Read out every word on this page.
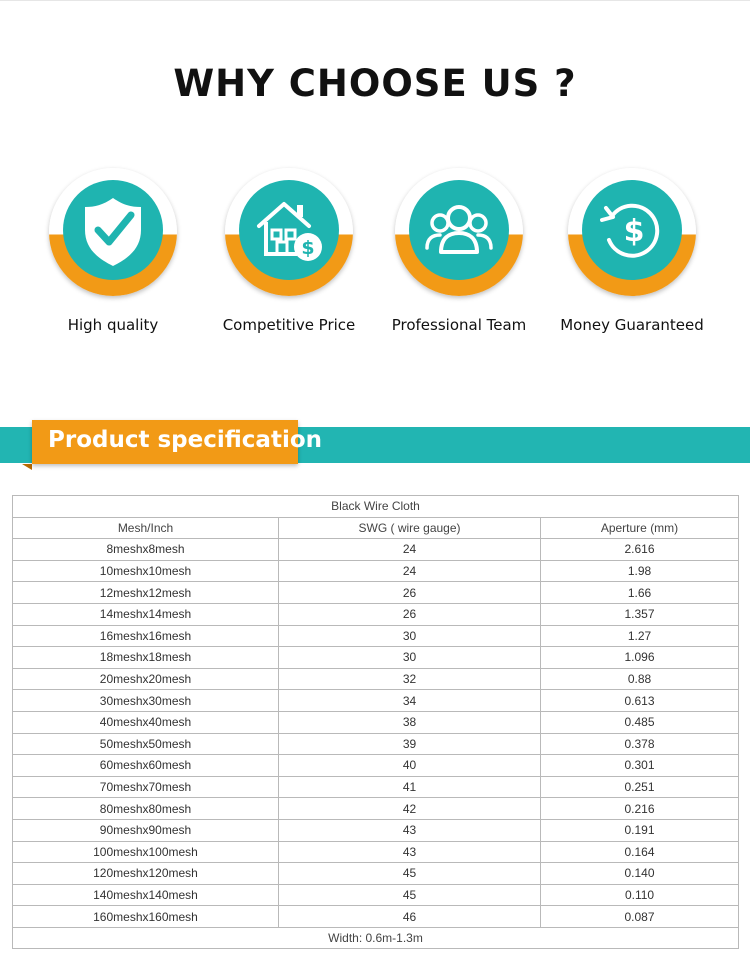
WHY CHOOSE US ?
High quality
$
Competitive Price	Professional Team
$
Money Guaranteed
Product specification
Black Wire Cloth		
Mesh/Inch	SWG ( wire gauge)	Aperture (mm)
8meshx8mesh	24	2.616
10meshx10mesh	24	1.98
12meshx12mesh	26	1.66
14meshx14mesh	26	1.357
16meshx16mesh	30	1.27
18meshx18mesh	30	1.096
20meshx20mesh	32	0.88
30meshx30mesh	34	0.613
40meshx40mesh	38	0.485
50meshx50mesh	39	0.378
60meshx60mesh	40	0.301
70meshx70mesh	41	0.251
80meshx80mesh	42	0.216
90meshx90mesh	43	0.191
100meshx100mesh	43	0.164
120meshx120mesh	45	0.140
140meshx140mesh	45	0.110
160meshx160mesh	46	0.087
Width: 0.6m-1.3m		
